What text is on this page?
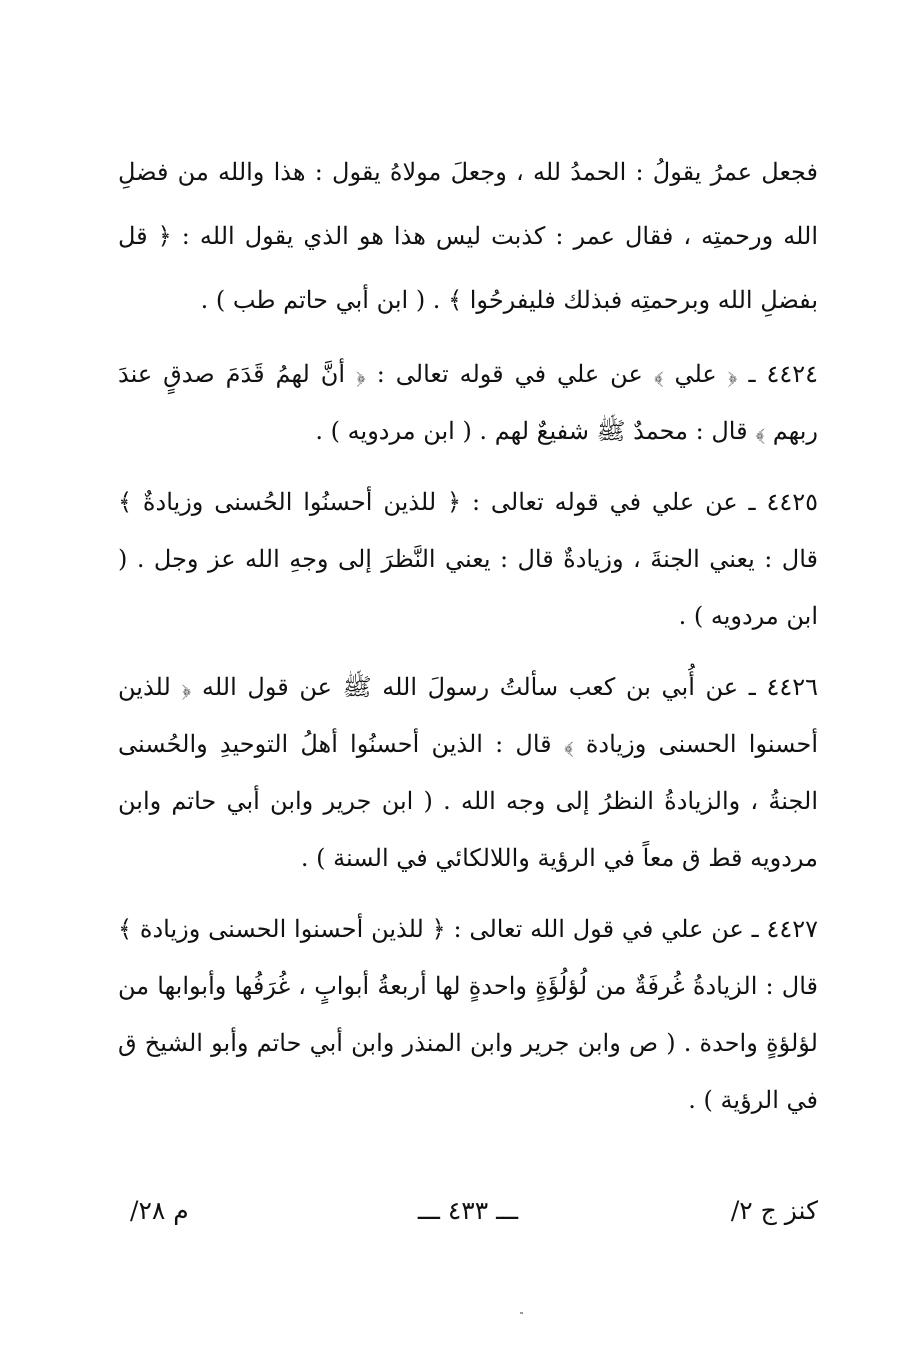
فجعل عمرُ يقولُ : الحمدُ لله ، وجعلَ مولاهُ يقول : هذا والله من فضلِ الله ورحمتِه ، فقال عمر : كذبت ليس هذا هو الذي يقول الله : ﴿ قل بفضلِ الله وبرحمتِه فبذلك فليفرحُوا ﴾ . ( ابن أبي حاتم طب ) .

٤٤٢٤ ـ ﴿ علي ﴾ عن علي في قوله تعالى : ﴿ أنَّ لهمُ قَدَمَ صدقٍ عندَ ربهم ﴾ قال : محمدٌ ﷺ شفيعٌ لهم . ( ابن مردويه ) .

٤٤٢٥ ـ عن علي في قوله تعالى : ﴿ للذين أحسنُوا الحُسنى وزيادةٌ ﴾ قال : يعني الجنةَ ، وزيادةٌ قال : يعني النَّظرَ إلى وجهِ الله عز وجل . ( ابن مردويه ) .

٤٤٢٦ ـ عن أُبي بن كعب سألتُ رسولَ الله ﷺ عن قول الله ﴿ للذين أحسنوا الحسنى وزيادة ﴾ قال : الذين أحسنُوا أهلُ التوحيدِ والحُسنى الجنةُ ، والزيادةُ النظرُ إلى وجه الله . ( ابن جرير وابن أبي حاتم وابن مردويه قط ق معاً في الرؤية واللالكائي في السنة ) .

٤٤٢٧ ـ عن علي في قول الله تعالى : ﴿ للذين أحسنوا الحسنى وزيادة ﴾ قال : الزيادةُ غُرفَةٌ من لُؤلُؤَةٍ واحدةٍ لها أربعةُ أبوابٍ ، غُرَفُها وأبوابها من لؤلؤةٍ واحدة . ( ص وابن جرير وابن المنذر وابن أبي حاتم وأبو الشيخ ق في الرؤية ) .

كنز ج ٢/
ـــ ٤٣٣ ـــ
م ٢٨/
